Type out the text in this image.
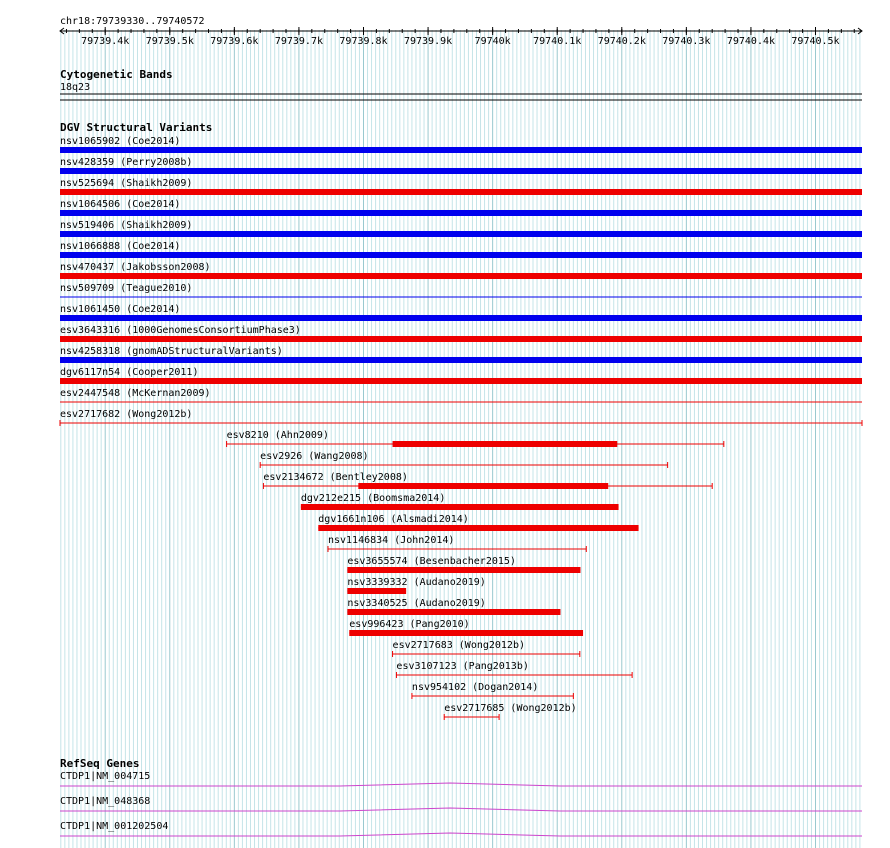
chr18:79739330..79740572
79739.4k 79739.5k 79739.6k 79739.7k 79739.8k 79739.9k 79740k 79740.1k 79740.2k 79740.3k 79740.4k 79740.5k
Cytogenetic Bands
18q23
DGV Structural Variants
nsv1065902 (Coe2014)
nsv428359 (Perry2008b)
nsv525694 (Shaikh2009)
nsv1064506 (Coe2014)
nsv519406 (Shaikh2009)
nsv1066888 (Coe2014)
nsv470437 (Jakobsson2008)
nsv509709 (Teague2010)
nsv1061450 (Coe2014)
esv3643316 (1000GenomesConsortiumPhase3)
nsv4258318 (gnomADStructuralVariants)
dgv6117n54 (Cooper2011)
esv2447548 (McKernan2009)
esv2717682 (Wong2012b)
esv8210 (Ahn2009)
esv2926 (Wang2008)
esv2134672 (Bentley2008)
dgv212e215 (Boomsma2014)
dgv1661n106 (Alsmadi2014)
nsv1146834 (John2014)
esv3655574 (Besenbacher2015)
nsv3339332 (Audano2019)
nsv3340525 (Audano2019)
esv996423 (Pang2010)
esv2717683 (Wong2012b)
esv3107123 (Pang2013b)
nsv954102 (Dogan2014)
esv2717685 (Wong2012b)
RefSeq Genes
CTDP1|NM_004715
CTDP1|NM_048368
CTDP1|NM_001202504
